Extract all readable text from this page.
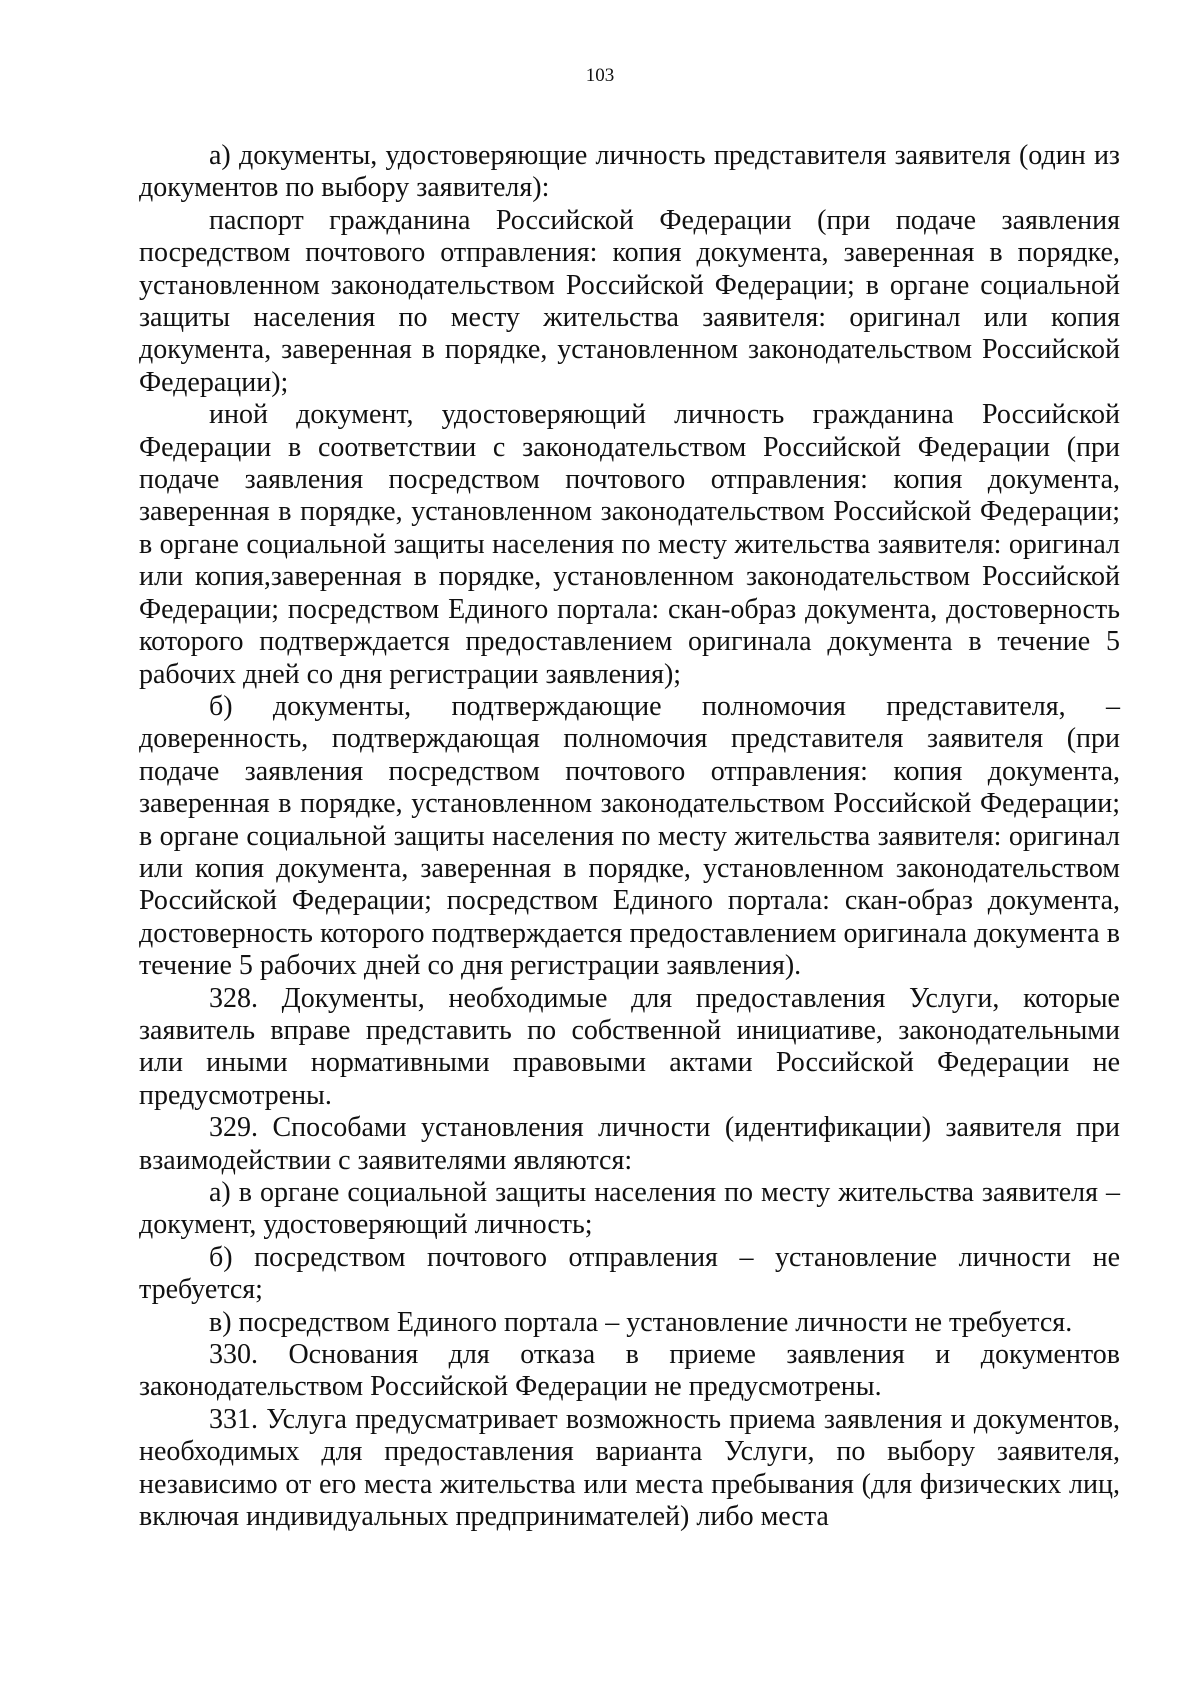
103

а) документы, удостоверяющие личность представителя заявителя (один из документов по выбору заявителя):

паспорт гражданина Российской Федерации (при подаче заявления посредством почтового отправления: копия документа, заверенная в порядке, установленном законодательством Российской Федерации; в органе социальной защиты населения по месту жительства заявителя: оригинал или копия документа, заверенная в порядке, установленном законодательством Российской Федерации);

иной документ, удостоверяющий личность гражданина Российской Федерации в соответствии с законодательством Российской Федерации (при подаче заявления посредством почтового отправления: копия документа, заверенная в порядке, установленном законодательством Российской Федерации; в органе социальной защиты населения по месту жительства заявителя: оригинал или копия,заверенная в порядке, установленном законодательством Российской Федерации; посредством Единого портала: скан-образ документа, достоверность которого подтверждается предоставлением оригинала документа в течение 5 рабочих дней со дня регистрации заявления);

б) документы, подтверждающие полномочия представителя, – доверенность, подтверждающая полномочия представителя заявителя (при подаче заявления посредством почтового отправления: копия документа, заверенная в порядке, установленном законодательством Российской Федерации; в органе социальной защиты населения по месту жительства заявителя: оригинал или копия документа, заверенная в порядке, установленном законодательством Российской Федерации; посредством Единого портала: скан-образ документа, достоверность которого подтверждается предоставлением оригинала документа в течение 5 рабочих дней со дня регистрации заявления).

328. Документы, необходимые для предоставления Услуги, которые заявитель вправе представить по собственной инициативе, законодательными или иными нормативными правовыми актами Российской Федерации не предусмотрены.

329. Способами установления личности (идентификации) заявителя при взаимодействии с заявителями являются:

а) в органе социальной защиты населения по месту жительства заявителя – документ, удостоверяющий личность;

б) посредством почтового отправления – установление личности не требуется;

в) посредством Единого портала – установление личности не требуется.

330. Основания для отказа в приеме заявления и документов законодательством Российской Федерации не предусмотрены.

331. Услуга предусматривает возможность приема заявления и документов, необходимых для предоставления варианта Услуги, по выбору заявителя, независимо от его места жительства или места пребывания (для физических лиц, включая индивидуальных предпринимателей) либо места
